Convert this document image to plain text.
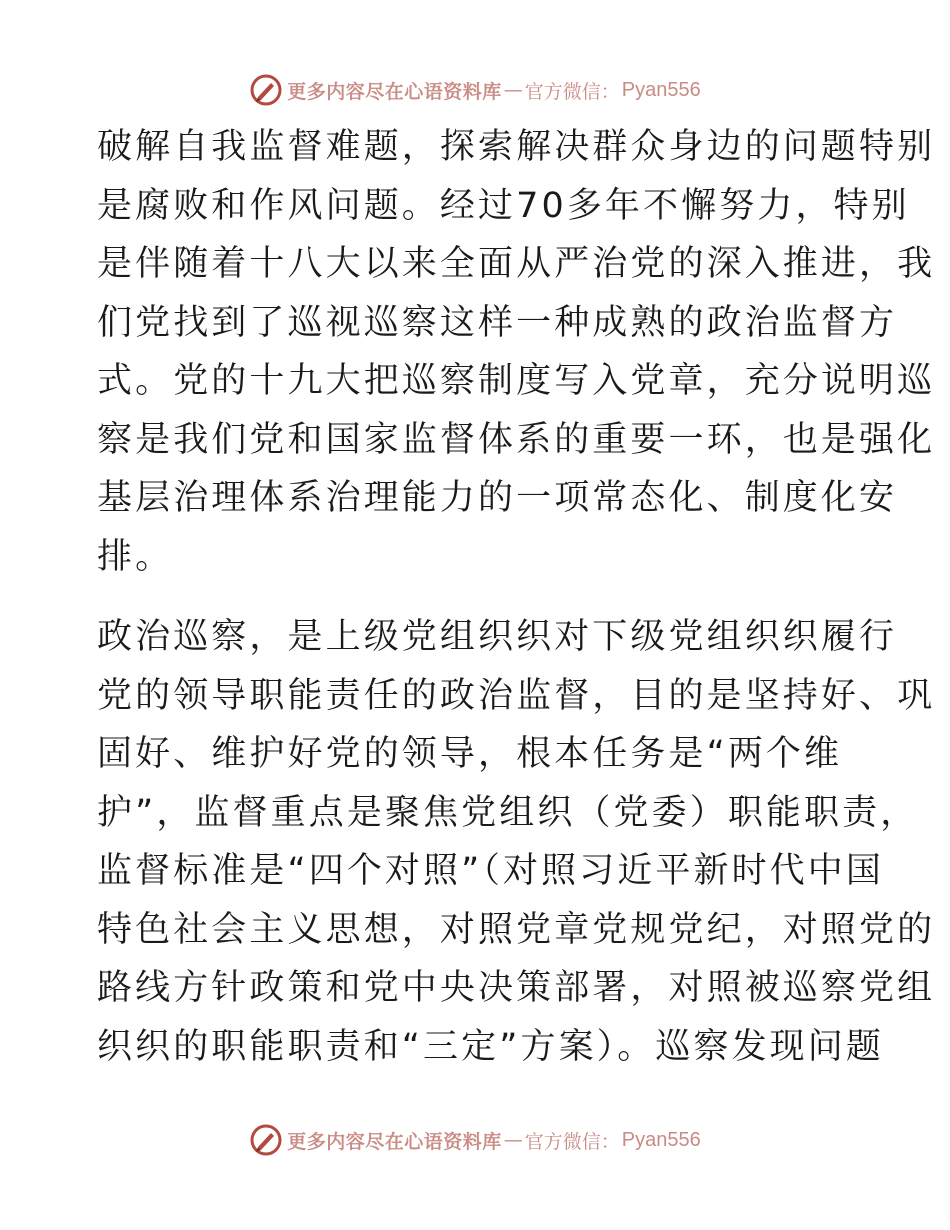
更多内容尽在心语资料库 — 官方微信： Pyan556
破解自我监督难题，探索解决群众身边的问题特别
是腐败和作风问题。经过70多年不懈努力，特别
是伴随着十八大以来全面从严治党的深入推进，我
们党找到了巡视巡察这样一种成熟的政治监督方
式。党的十九大把巡察制度写入党章，充分说明巡
察是我们党和国家监督体系的重要一环，也是强化
基层治理体系治理能力的一项常态化、制度化安
排。
政治巡察，是上级党组织织对下级党组织织履行
党的领导职能责任的政治监督，目的是坚持好、巩
固好、维护好党的领导，根本任务是“两个维
护”，监督重点是聚焦党组织（党委）职能职责，
监督标准是“四个对照”（对照习近平新时代中国
特色社会主义思想，对照党章党规党纪，对照党的
路线方针政策和党中央决策部署，对照被巡察党组
织织的职能职责和“三定”方案）。巡察发现问题
更多内容尽在心语资料库 — 官方微信： Pyan556
